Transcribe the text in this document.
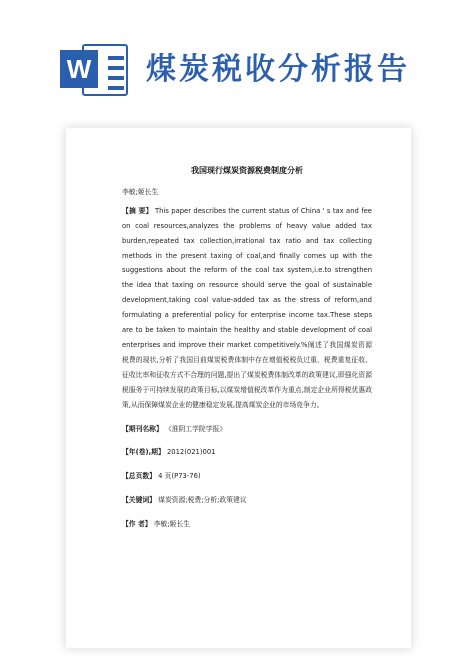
W 煤炭税收分析报告
我国现行煤炭资源税费制度分析
李敏;姬长生
【摘 要】 This paper describes the current status of China ' s tax and fee on coal resources,analyzes the problems of heavy value added tax burden,repeated tax collection,irrational tax ratio and tax collecting methods in the present taxing of coal,and finally comes up with the suggestions about the reform of the coal tax system,i.e.to strengthen the idea that taxing on resource should serve the goal of sustainable development,taking coal value-added tax as the stress of reform,and formulating a preferential policy for enterprise income tax.These steps are to be taken to maintain the healthy and stable development of coal enterprises and improve their market competitively.%阐述了我国煤炭资源税费的现状,分析了我国目前煤炭税费体制中存在增值税税负过重、税费重复征收、征收比率和征收方式不合理的问题,提出了煤炭税费体制改革的政策建议,即强化资源税服务于可持续发展的政策目标,以煤炭增值税改革作为重点,制定企业所得税优惠政策,从而保障煤炭企业的健康稳定发展,提高煤炭企业的市场竞争力。
【期刊名称】 《淮阴工学院学报》
【年(卷),期】 2012(021)001
【总页数】 4 页(P73-76)
【关键词】 煤炭资源;税费;分析;政策建议
【作 者】 李敏;姬长生
